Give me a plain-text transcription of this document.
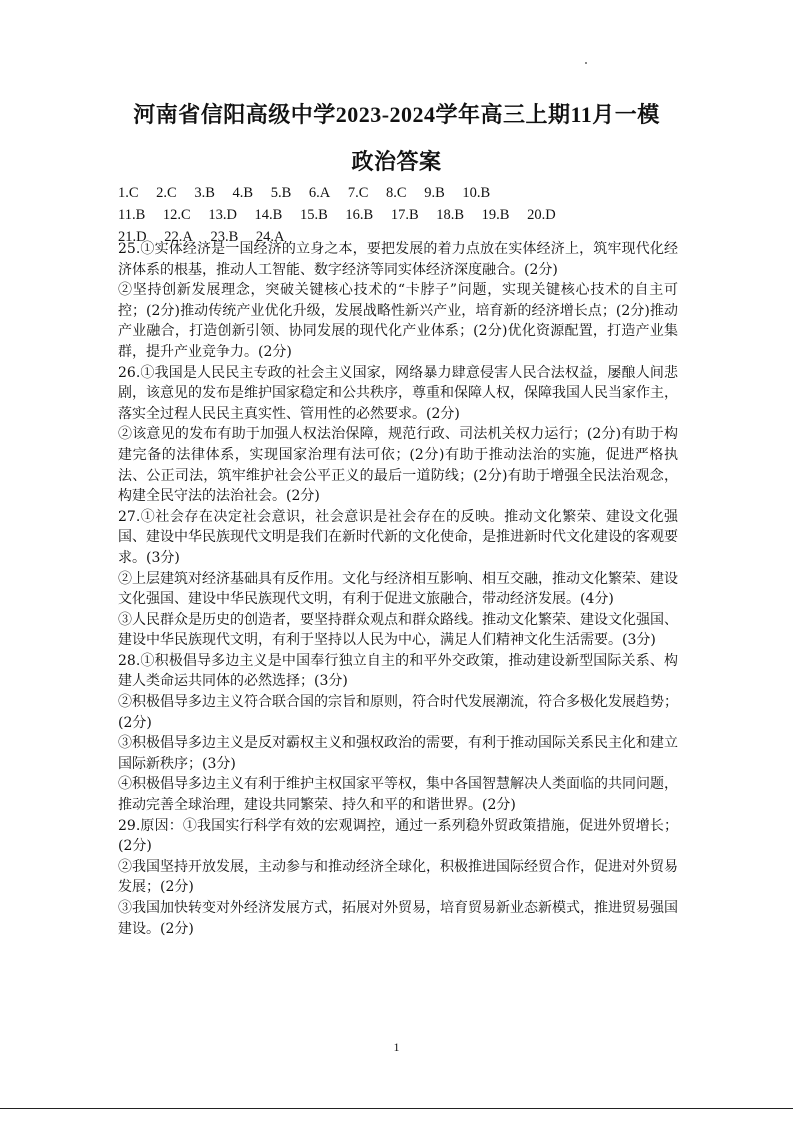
河南省信阳高级中学2023-2024学年高三上期11月一模
政治答案
1.C 2.C 3.B 4.B 5.B 6.A 7.C 8.C 9.B 10.B
11.B 12.C 13.D 14.B 15.B 16.B 17.B 18.B 19.B 20.D
21.D 22.A 23.B 24.A

25.①实体经济是一国经济的立身之本，要把发展的着力点放在实体经济上，筑牢现代化经济体系的根基，推动人工智能、数字经济等同实体经济深度融合。(2分)

②坚持创新发展理念，突破关键核心技术的“卡脖子”问题，实现关键核心技术的自主可控；(2分)推动传统产业优化升级，发展战略性新兴产业，培育新的经济增长点；(2分)推动产业融合，打造创新引领、协同发展的现代化产业体系；(2分)优化资源配置，打造产业集群，提升产业竞争力。(2分)

26.①我国是人民民主专政的社会主义国家，网络暴力肆意侵害人民合法权益，屡酿人间悲剧，该意见的发布是维护国家稳定和公共秩序，尊重和保障人权，保障我国人民当家作主，落实全过程人民民主真实性、管用性的必然要求。(2分)

②该意见的发布有助于加强人权法治保障，规范行政、司法机关权力运行；(2分)有助于构建完备的法律体系，实现国家治理有法可依；(2分)有助于推动法治的实施，促进严格执法、公正司法，筑牢维护社会公平正义的最后一道防线；(2分)有助于增强全民法治观念，构建全民守法的法治社会。(2分)

27.①社会存在决定社会意识，社会意识是社会存在的反映。推动文化繁荣、建设文化强国、建设中华民族现代文明是我们在新时代新的文化使命，是推进新时代文化建设的客观要求。(3分)

②上层建筑对经济基础具有反作用。文化与经济相互影响、相互交融，推动文化繁荣、建设文化强国、建设中华民族现代文明，有利于促进文旅融合，带动经济发展。(4分)

③人民群众是历史的创造者，要坚持群众观点和群众路线。推动文化繁荣、建设文化强国、建设中华民族现代文明，有利于坚持以人民为中心，满足人们精神文化生活需要。(3分)

28.①积极倡导多边主义是中国奉行独立自主的和平外交政策，推动建设新型国际关系、构建人类命运共同体的必然选择；(3分)

②积极倡导多边主义符合联合国的宗旨和原则，符合时代发展潮流，符合多极化发展趋势；(2分)

③积极倡导多边主义是反对霸权主义和强权政治的需要，有利于推动国际关系民主化和建立国际新秩序；(3分)

④积极倡导多边主义有利于维护主权国家平等权，集中各国智慧解决人类面临的共同问题，推动完善全球治理，建设共同繁荣、持久和平的和谐世界。(2分)

29.原因：①我国实行科学有效的宏观调控，通过一系列稳外贸政策措施，促进外贸增长；(2分)

②我国坚持开放发展，主动参与和推动经济全球化，积极推进国际经贸合作，促进对外贸易发展；(2分)

③我国加快转变对外经济发展方式，拓展对外贸易，培育贸易新业态新模式，推进贸易强国建设。(2分)

1
